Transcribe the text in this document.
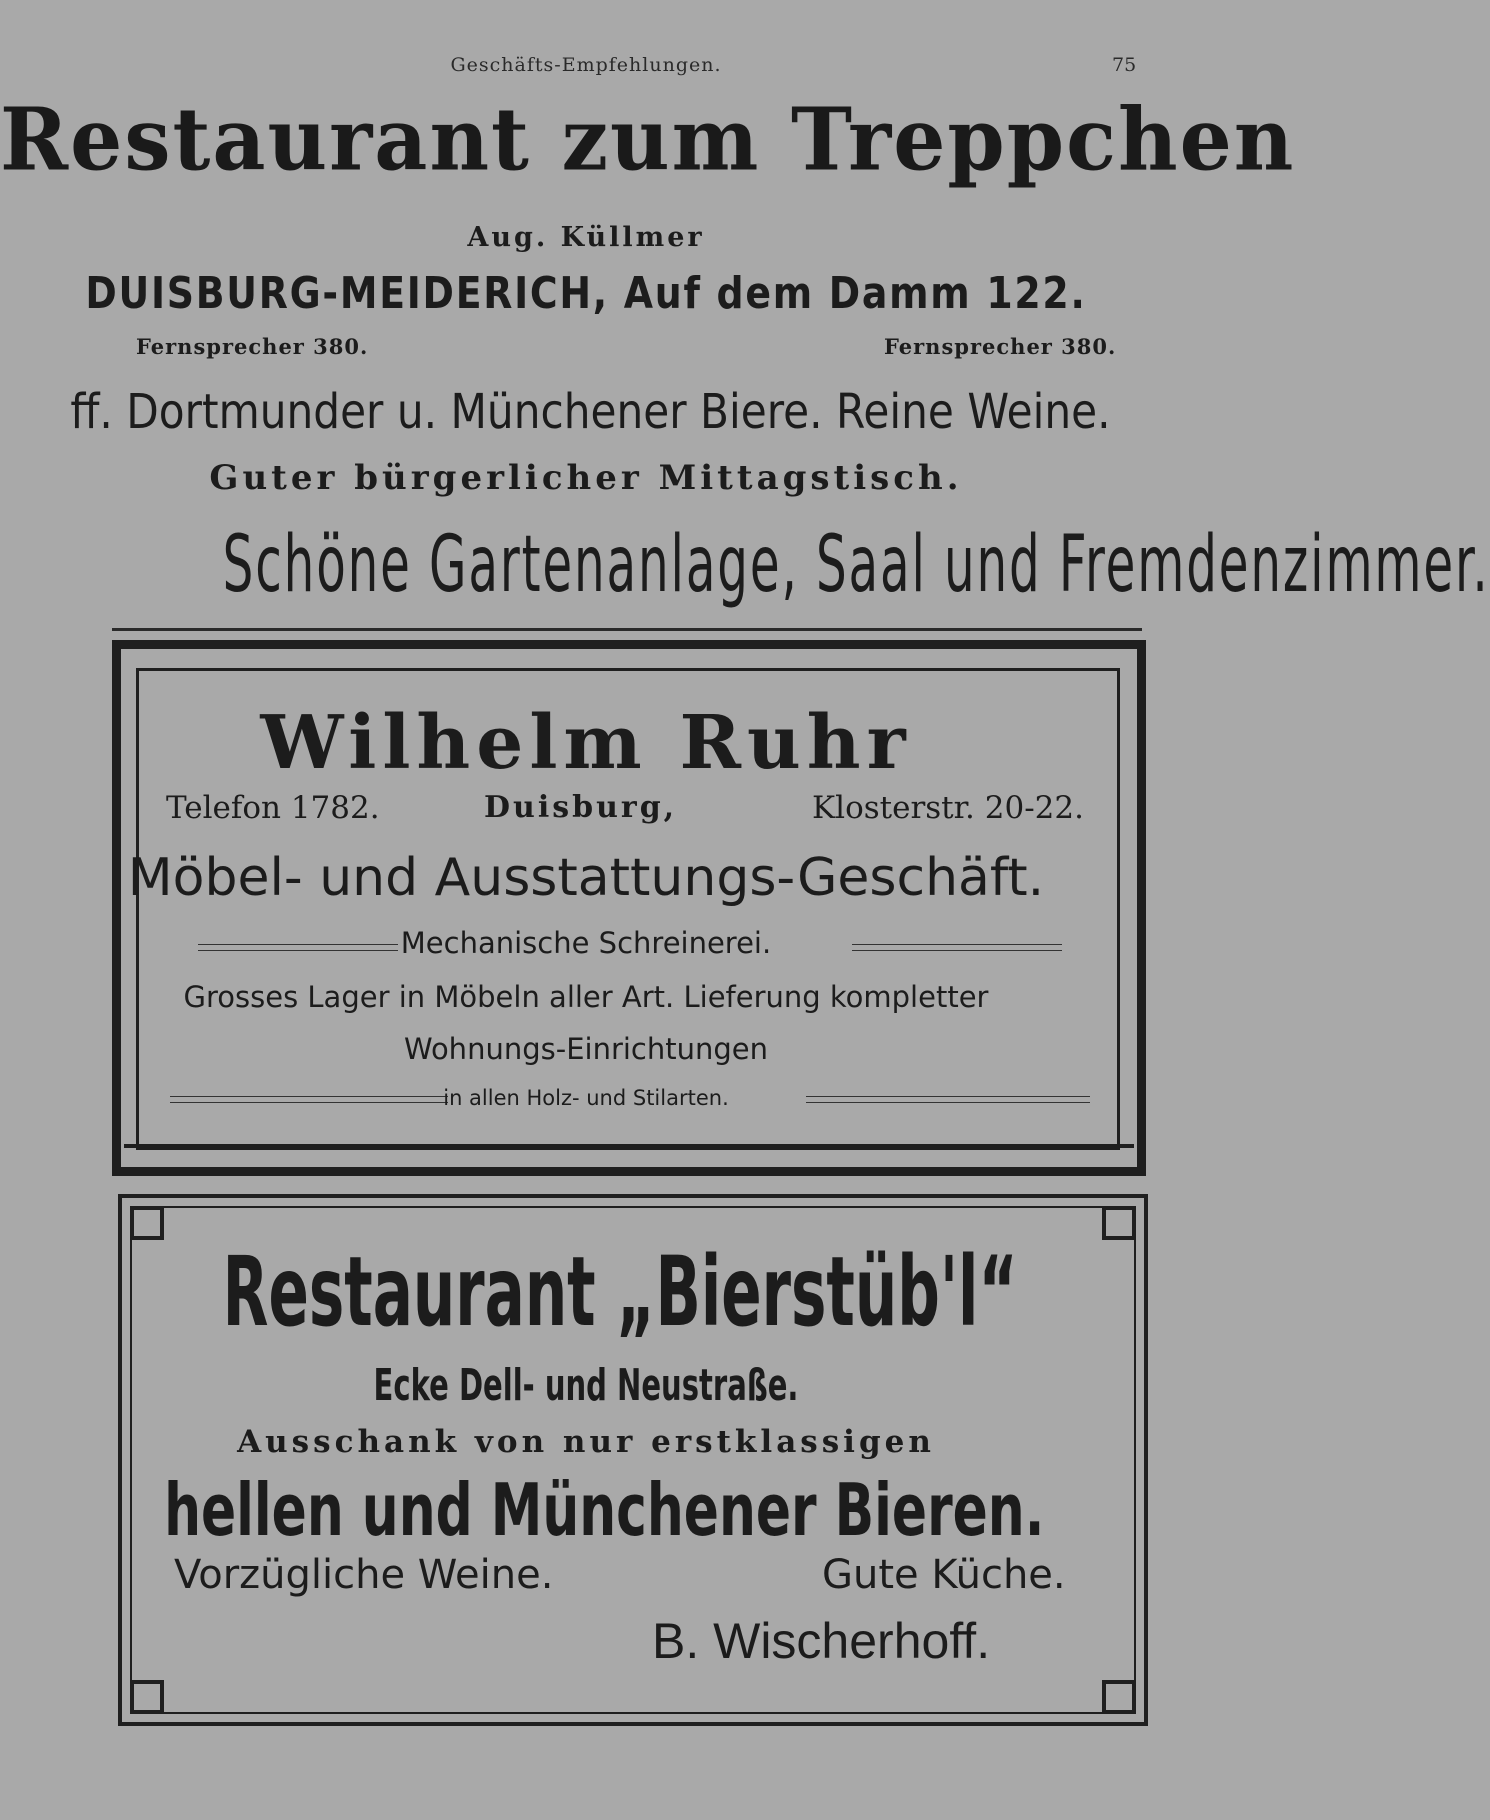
Geschäfts-Empfehlungen.	75
Restaurant zum Treppchen
Aug. Küllmer
DUISBURG-MEIDERICH, Auf dem Damm 122.
Fernsprecher 380.	Fernsprecher 380.
ff. Dortmunder u. Münchener Biere. Reine Weine.
Guter bürgerlicher Mittagstisch.
Schöne Gartenanlage, Saal und Fremdenzimmer.
Wilhelm Ruhr
Telefon 1782.	Duisburg,	Klosterstr. 20-22.
Möbel- und Ausstattungs-Geschäft.
Mechanische Schreinerei.
Grosses Lager in Möbeln aller Art. Lieferung kompletter
Wohnungs-Einrichtungen
in allen Holz- und Stilarten.
Restaurant „Bierstüb'l“
Ecke Dell- und Neustraße.
Ausschank von nur erstklassigen
hellen und Münchener Bieren.
Vorzügliche Weine.	Gute Küche.
B. Wischerhoff.
